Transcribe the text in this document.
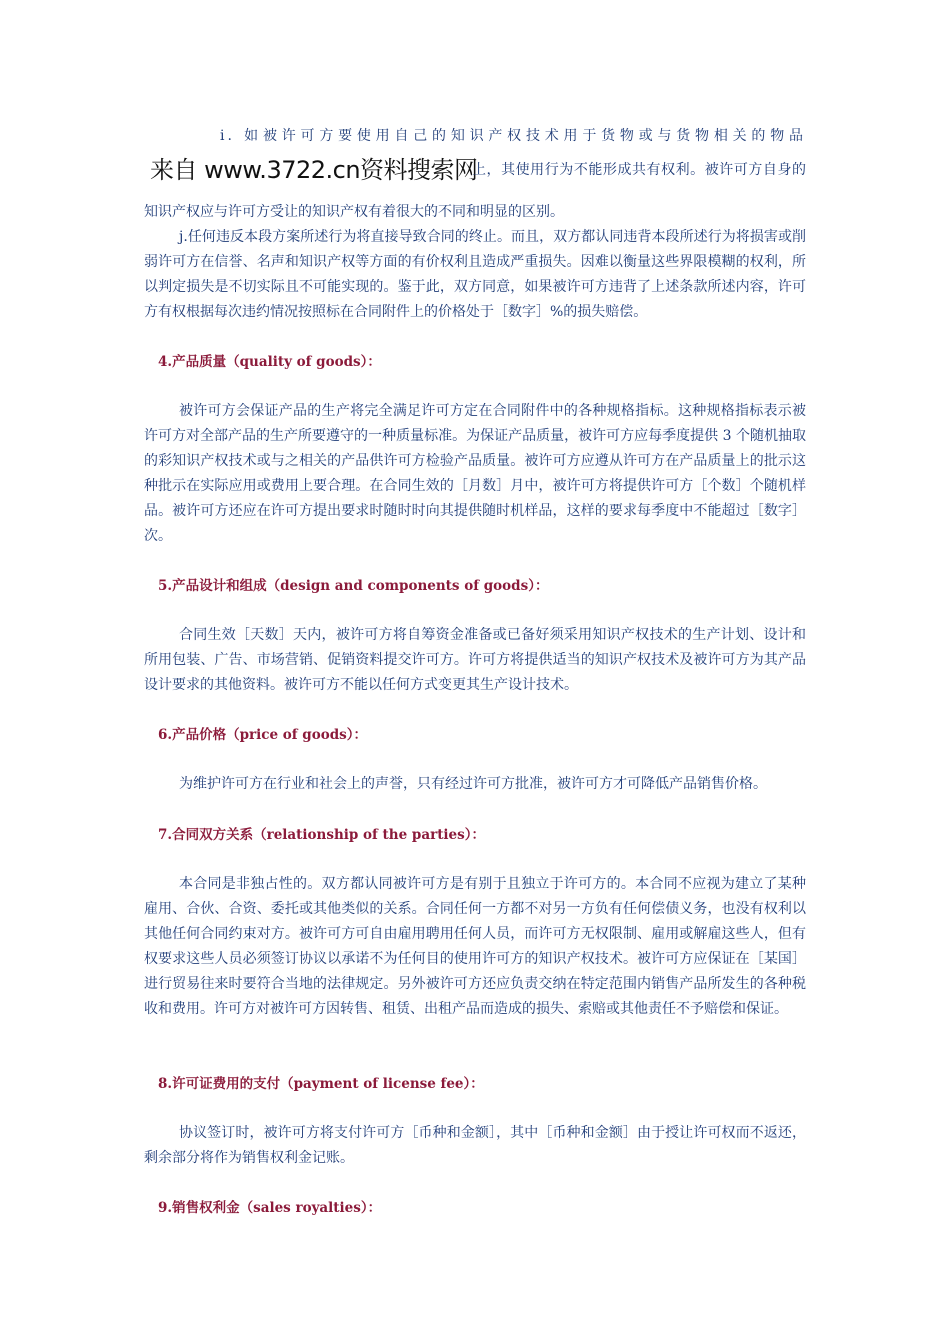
i. 如被许可方要使用自己的知识产权技术用于货物或与货物相关的物品
来自 www.3722.cn资料搜索网
上，其使用行为不能形成共有权利。被许可方自身的

知识产权应与许可方受让的知识产权有着很大的不同和明显的区别。

j.任何违反本段方案所述行为将直接导致合同的终止。而且，双方都认同违背本段所述行为将损害或削弱许可方在信誉、名声和知识产权等方面的有价权利且造成严重损失。因难以衡量这些界限模糊的权利，所以判定损失是不切实际且不可能实现的。鉴于此，双方同意，如果被许可方违背了上述条款所述内容，许可方有权根据每次违约情况按照标在合同附件上的价格处于［数字］%的损失赔偿。

4.产品质量（quality of goods）：

被许可方会保证产品的生产将完全满足许可方定在合同附件中的各种规格指标。这种规格指标表示被许可方对全部产品的生产所要遵守的一种质量标准。为保证产品质量，被许可方应每季度提供 3 个随机抽取的彩知识产权技术或与之相关的产品供许可方检验产品质量。被许可方应遵从许可方在产品质量上的批示这种批示在实际应用或费用上要合理。在合同生效的［月数］月中，被许可方将提供许可方［个数］个随机样品。被许可方还应在许可方提出要求时随时时向其提供随时机样品，这样的要求每季度中不能超过［数字］次。

5.产品设计和组成（design and components of goods）：

合同生效［天数］天内，被许可方将自筹资金准备或已备好须采用知识产权技术的生产计划、设计和所用包装、广告、市场营销、促销资料提交许可方。许可方将提供适当的知识产权技术及被许可方为其产品设计要求的其他资料。被许可方不能以任何方式变更其生产设计技术。

6.产品价格（price of goods）：

为维护许可方在行业和社会上的声誉，只有经过许可方批准，被许可方才可降低产品销售价格。

7.合同双方关系（relationship of the parties）：

本合同是非独占性的。双方都认同被许可方是有别于且独立于许可方的。本合同不应视为建立了某种雇用、合伙、合资、委托或其他类似的关系。合同任何一方都不对另一方负有任何偿债义务，也没有权利以其他任何合同约束对方。被许可方可自由雇用聘用任何人员，而许可方无权限制、雇用或解雇这些人，但有权要求这些人员必须签订协议以承诺不为任何目的使用许可方的知识产权技术。被许可方应保证在［某国］进行贸易往来时要符合当地的法律规定。另外被许可方还应负责交纳在特定范围内销售产品所发生的各种税收和费用。许可方对被许可方因转售、租赁、出租产品而造成的损失、索赔或其他责任不予赔偿和保证。

8.许可证费用的支付（payment of license fee）：

协议签订时，被许可方将支付许可方［币种和金额］，其中［币种和金额］由于授让许可权而不返还，剩余部分将作为销售权利金记账。

9.销售权利金（sales royalties）：
